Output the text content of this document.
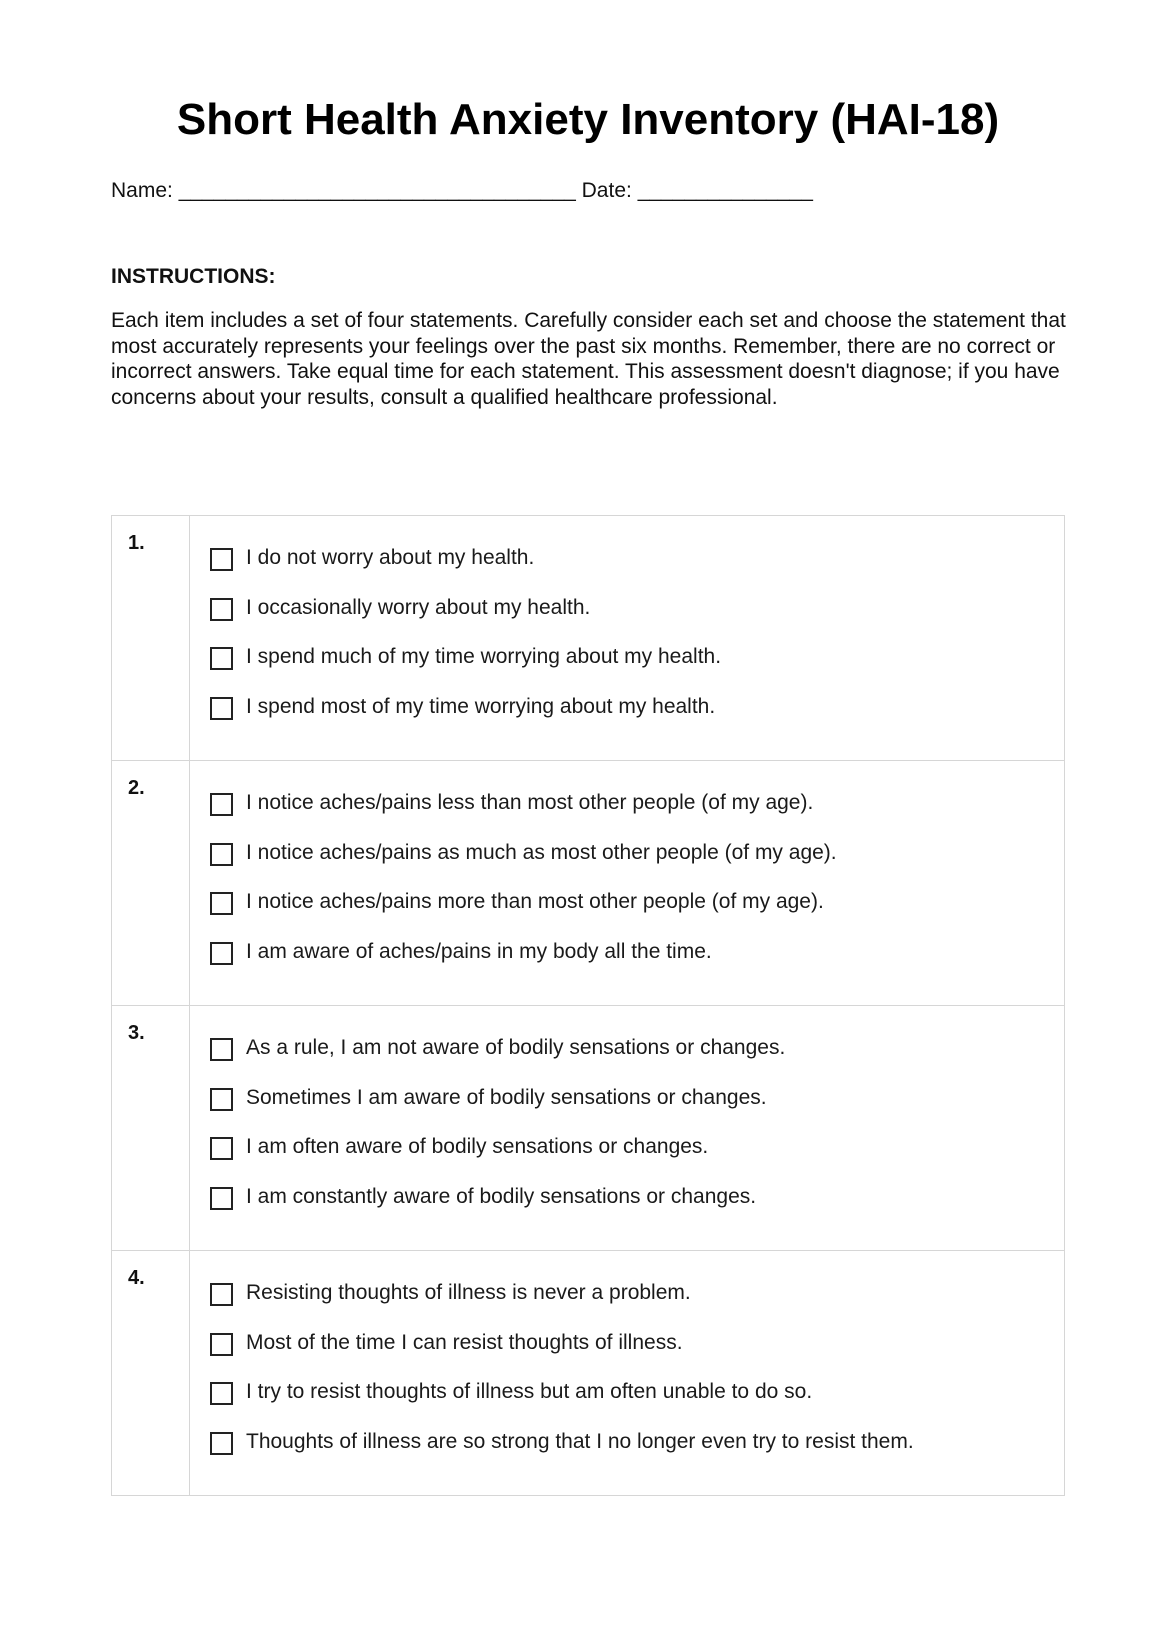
Short Health Anxiety Inventory (HAI-18)
Name: __________________________________ Date: _______________
INSTRUCTIONS:
Each item includes a set of four statements. Carefully consider each set and choose the statement that most accurately represents your feelings over the past six months. Remember, there are no correct or incorrect answers. Take equal time for each statement. This assessment doesn't diagnose; if you have concerns about your results, consult a qualified healthcare professional.
1.	I do not worry about my health.
I occasionally worry about my health.
I spend much of my time worrying about my health.
I spend most of my time worrying about my health.

2.	I notice aches/pains less than most other people (of my age).
I notice aches/pains as much as most other people (of my age).
I notice aches/pains more than most other people (of my age).
I am aware of aches/pains in my body all the time.

3.	As a rule, I am not aware of bodily sensations or changes.
Sometimes I am aware of bodily sensations or changes.
I am often aware of bodily sensations or changes.
I am constantly aware of bodily sensations or changes.

4.	Resisting thoughts of illness is never a problem.
Most of the time I can resist thoughts of illness.
I try to resist thoughts of illness but am often unable to do so.
Thoughts of illness are so strong that I no longer even try to resist them.
